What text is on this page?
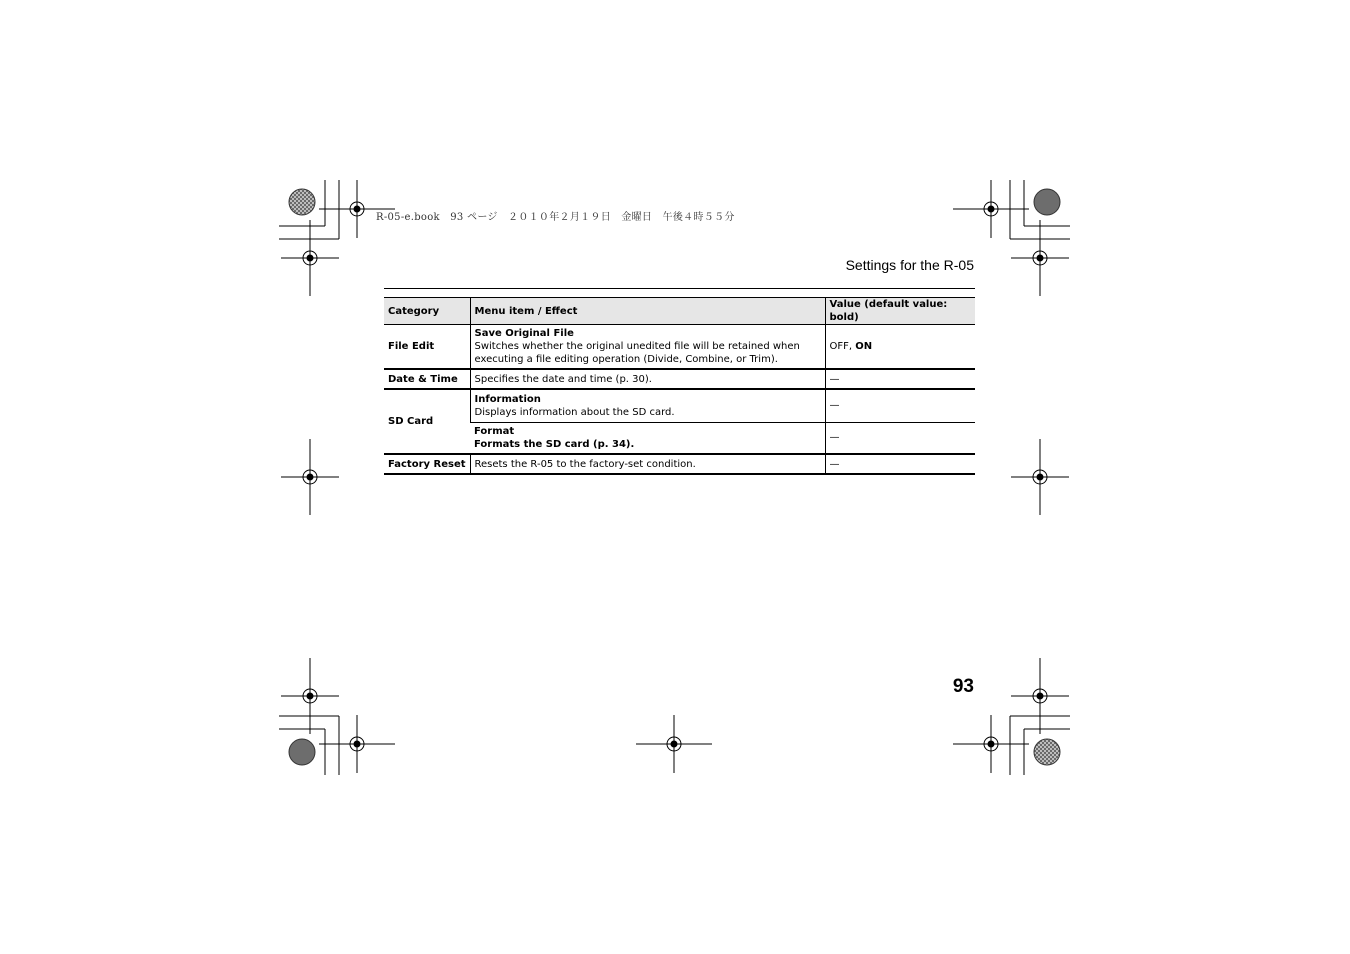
R-05-e.book　93 ページ　２０１０年２月１９日　金曜日　午後４時５５分
Settings for the R-05
Category	Menu item / Effect	Value (default value: bold)
File Edit	Save Original File
Switches whether the original unedited file will be retained when
executing a file editing operation (Divide, Combine, or Trim).	OFF, ON
Date & Time	Specifies the date and time (p. 30).	—
SD Card	Information
Displays information about the SD card.	—

	Format
Formats the SD card (p. 34).	—
Factory Reset	Resets the R-05 to the factory-set condition.	—
93
